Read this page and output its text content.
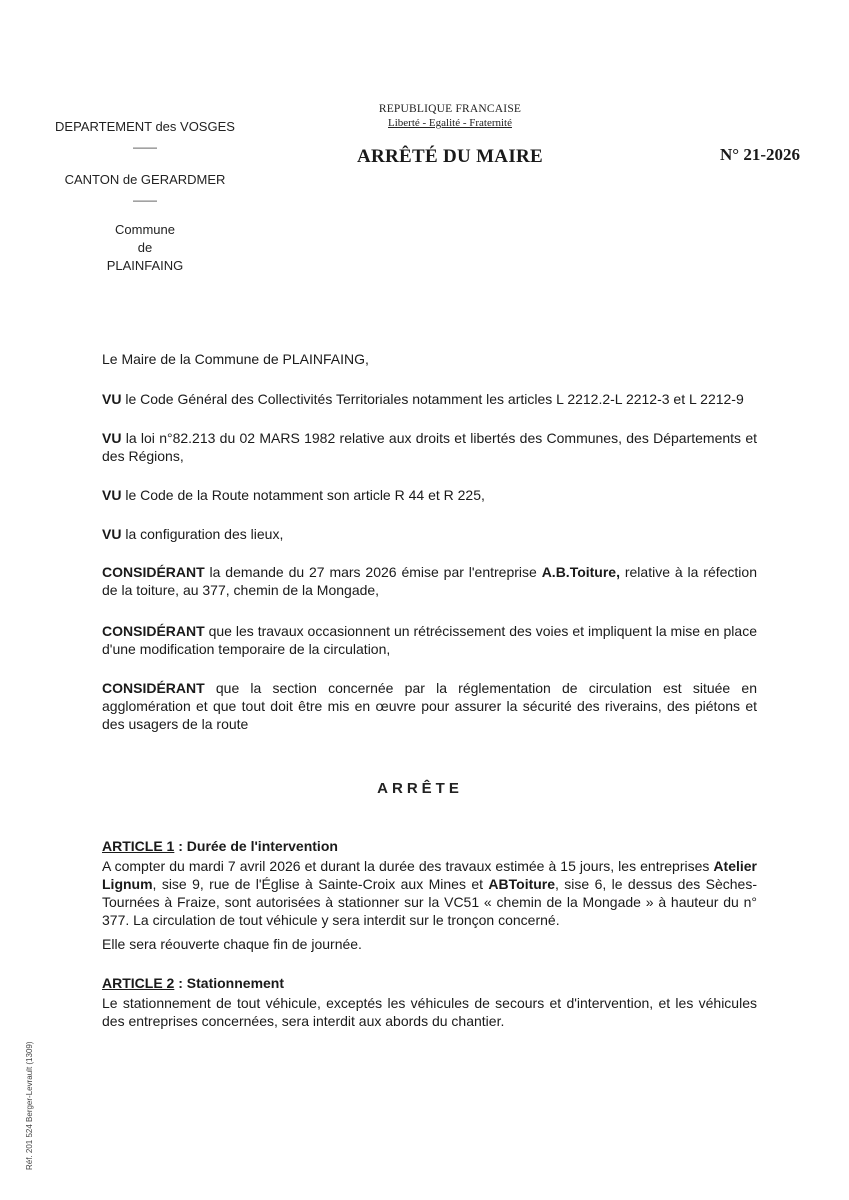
DEPARTEMENT des VOSGES
——
CANTON de GERARDMER
——
Commune
de
PLAINFAING
REPUBLIQUE FRANCAISE
Liberté - Egalité - Fraternité
ARRÊTÉ DU MAIRE	N° 21-2026
Le Maire de la Commune de PLAINFAING,
VU le Code Général des Collectivités Territoriales notamment les articles L 2212.2-L 2212-3 et L 2212-9
VU la loi n°82.213 du 02 MARS 1982 relative aux droits et libertés des Communes, des Départements et des Régions,
VU le Code de la Route notamment son article R 44 et R 225,
VU la configuration des lieux,
CONSIDÉRANT la demande du 27 mars 2026 émise par l'entreprise A.B.Toiture, relative à la réfection de la toiture, au 377, chemin de la Mongade,
CONSIDÉRANT que les travaux occasionnent un rétrécissement des voies et impliquent la mise en place d'une modification temporaire de la circulation,
CONSIDÉRANT que la section concernée par la réglementation de circulation est située en agglomération et que tout doit être mis en œuvre pour assurer la sécurité des riverains, des piétons et des usagers de la route
ARRÊTE
ARTICLE 1 : Durée de l'intervention
A compter du mardi 7 avril 2026 et durant la durée des travaux estimée à 15 jours, les entreprises Atelier Lignum, sise 9, rue de l'Église à Sainte-Croix aux Mines et ABToiture, sise 6, le dessus des Sèches-Tournées à Fraize, sont autorisées à stationner sur la VC51 « chemin de la Mongade » à hauteur du n° 377. La circulation de tout véhicule y sera interdit sur le tronçon concerné.
Elle sera réouverte chaque fin de journée.
ARTICLE 2 : Stationnement
Le stationnement de tout véhicule, exceptés les véhicules de secours et d'intervention, et les véhicules des entreprises concernées, sera interdit aux abords du chantier.
Réf. 201 524 Berger-Levrault (1309)
